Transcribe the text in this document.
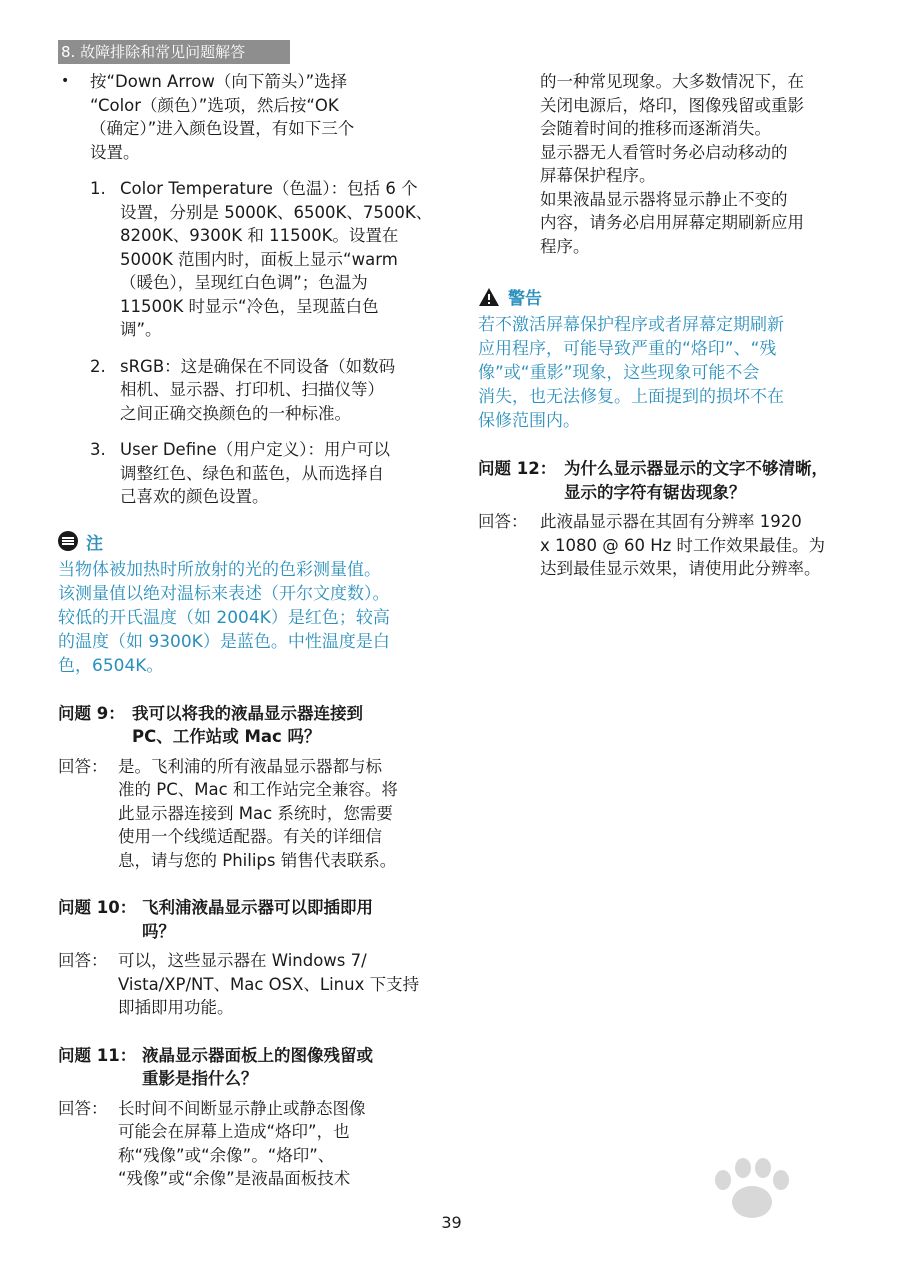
8. 故障排除和常见问题解答
• 按“Down Arrow（向下箭头）”选择

“Color（颜色）”选项，然后按“OK

（确定）”进入颜色设置，有如下三个

设置。

1. Color Temperature（色温）：包括 6 个

设置，分别是 5000K、6500K、7500K、

8200K、9300K 和 11500K。设置在

5000K 范围内时，面板上显示“warm

（暖色），呈现红白色调”；色温为

11500K 时显示“冷色，呈现蓝白色

调”。

2. sRGB：这是确保在不同设备（如数码

相机、显示器、打印机、扫描仪等）

之间正确交换颜色的一种标准。

3. User Define（用户定义）：用户可以

调整红色、绿色和蓝色，从而选择自

己喜欢的颜色设置。

注

当物体被加热时所放射的光的色彩测量值。

该测量值以绝对温标来表述（开尔文度数）。

较低的开氏温度（如 2004K）是红色；较高

的温度（如 9300K）是蓝色。中性温度是白

色，6504K。

问题 9： 我可以将我的液晶显示器连接到
PC、工作站或 Mac 吗？
回答： 是。飞利浦的所有液晶显示器都与标

准的 PC、Mac 和工作站完全兼容。将

此显示器连接到 Mac 系统时，您需要

使用一个线缆适配器。有关的详细信

息，请与您的 Philips 销售代表联系。

问题 10： 飞利浦液晶显示器可以即插即用
吗？
回答： 可以，这些显示器在 Windows 7/

Vista/XP/NT、Mac OSX、Linux 下支持

即插即用功能。

问题 11： 液晶显示器面板上的图像残留或
重影是指什么？
回答： 长时间不间断显示静止或静态图像

可能会在屏幕上造成“烙印”，也

称“残像”或“余像”。“烙印”、

“残像”或“余像”是液晶面板技术

的一种常见现象。大多数情况下，在

关闭电源后，烙印，图像残留或重影

会随着时间的推移而逐渐消失。

显示器无人看管时务必启动移动的

屏幕保护程序。

如果液晶显示器将显示静止不变的

内容，请务必启用屏幕定期刷新应用

程序。

警告

若不激活屏幕保护程序或者屏幕定期刷新

应用程序，可能导致严重的“烙印”、“残

像”或“重影”现象，这些现象可能不会

消失，也无法修复。上面提到的损坏不在

保修范围内。

问题 12： 为什么显示器显示的文字不够清晰，
显示的字符有锯齿现象？
回答： 此液晶显示器在其固有分辨率 1920

x 1080 @ 60 Hz 时工作效果最佳。为

达到最佳显示效果，请使用此分辨率。

39
